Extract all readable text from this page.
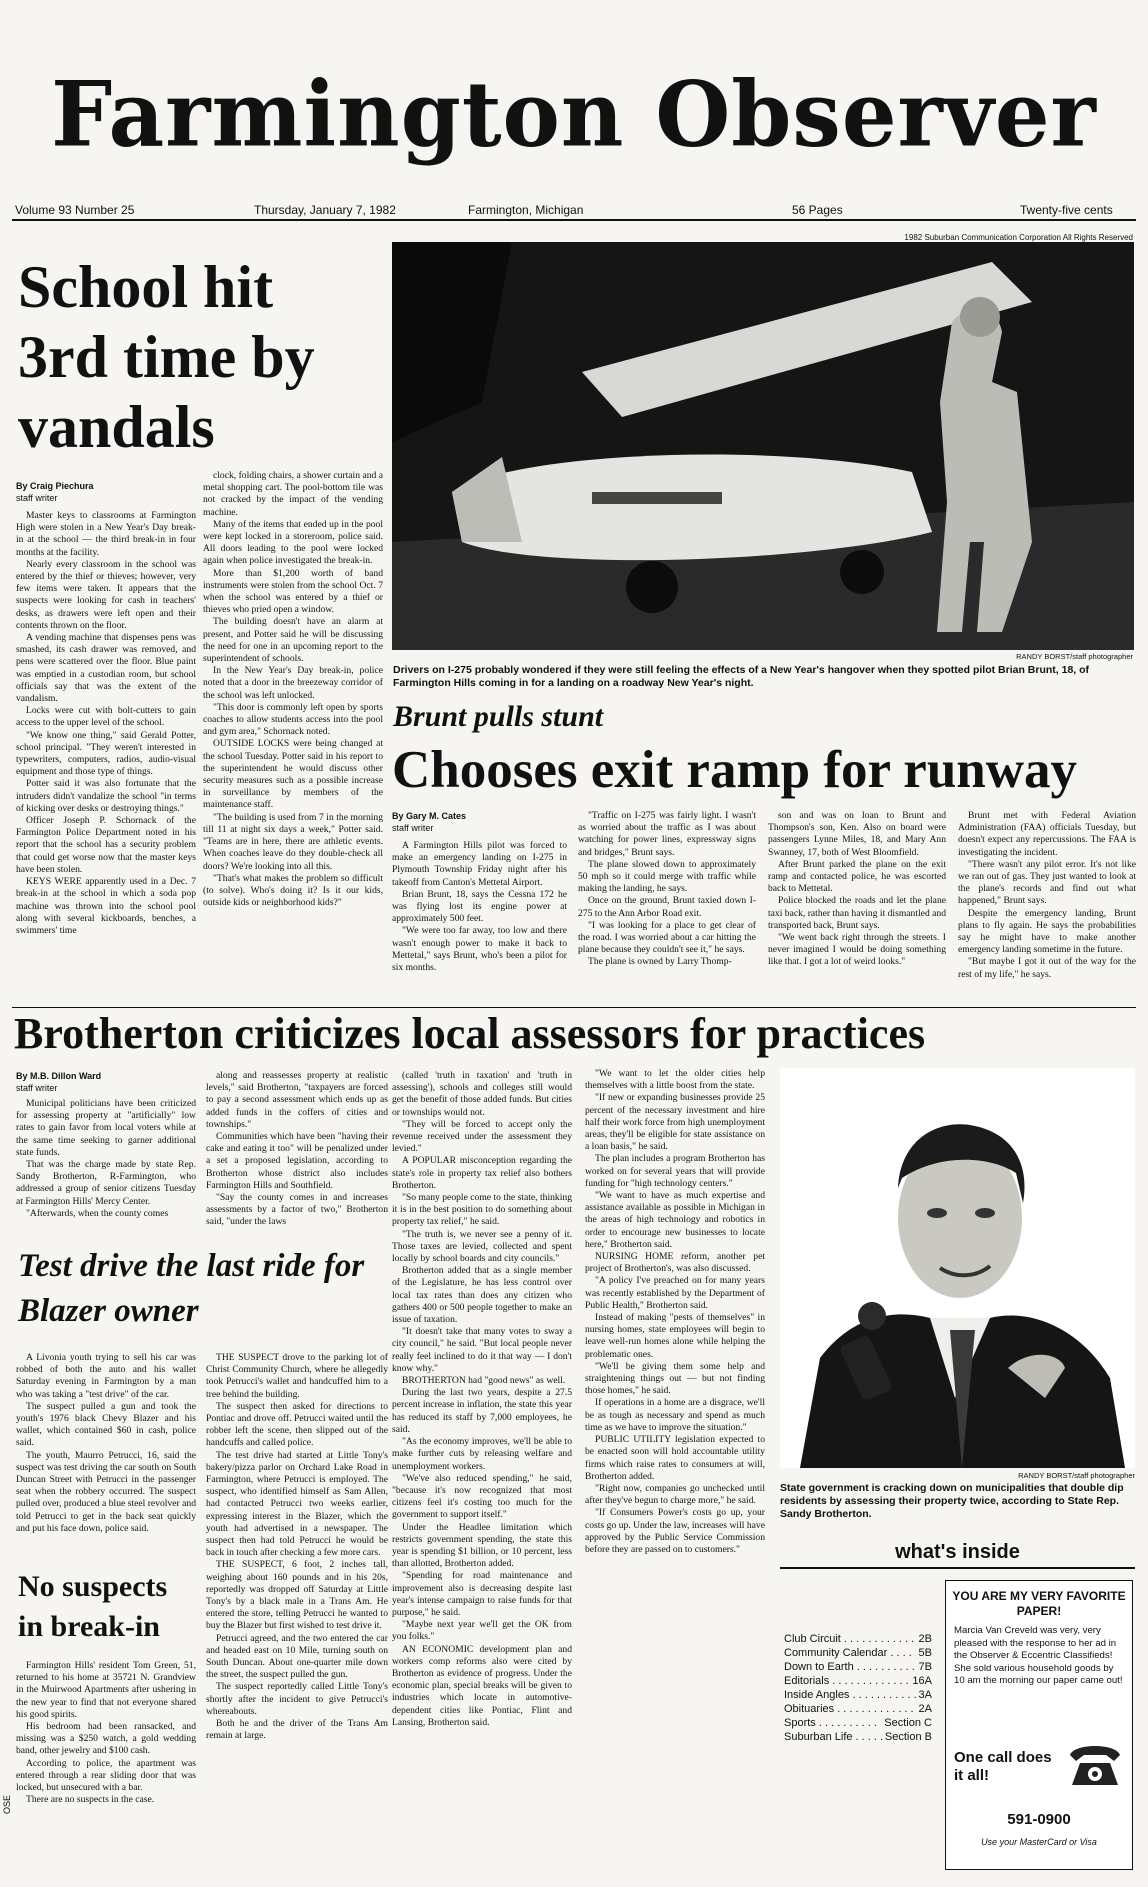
Farmington Observer
Volume 93 Number 25	Thursday, January 7, 1982	Farmington, Michigan	56 Pages	Twenty-five cents
1982 Suburban Communication Corporation All Rights Reserved
School hit 3rd time by vandals
By Craig Piechura
staff writer

Master keys to classrooms at Farmington High were stolen in a New Year's Day break-in at the school — the third break-in in four months at the facility.

Nearly every classroom in the school was entered by the thief or thieves; however, very few items were taken. It appears that the suspects were looking for cash in teachers' desks, as drawers were left open and their contents thrown on the floor.

A vending machine that dispenses pens was smashed, its cash drawer was removed, and pens were scattered over the floor. Blue paint was emptied in a custodian room, but school officials say that was the extent of the vandalism.

Locks were cut with bolt-cutters to gain access to the upper level of the school.

"We know one thing," said Gerald Potter, school principal. "They weren't interested in typewriters, computers, radios, audio-visual equipment and those type of things.

Potter said it was also fortunate that the intruders didn't vandalize the school "in terms of kicking over desks or destroying things."

Officer Joseph P. Schornack of the Farmington Police Department noted in his report that the school has a security problem that could get worse now that the master keys have been stolen.

KEYS WERE apparently used in a Dec. 7 break-in at the school in which a soda pop machine was thrown into the school pool along with several kickboards, benches, a swimmers' time

clock, folding chairs, a shower curtain and a metal shopping cart. The pool-bottom tile was not cracked by the impact of the vending machine.

Many of the items that ended up in the pool were kept locked in a storeroom, police said. All doors leading to the pool were locked again when police investigated the break-in.

More than $1,200 worth of band instruments were stolen from the school Oct. 7 when the school was entered by a thief or thieves who pried open a window.

The building doesn't have an alarm at present, and Potter said he will be discussing the need for one in an upcoming report to the superintendent of schools.

In the New Year's Day break-in, police noted that a door in the breezeway corridor of the school was left unlocked.

"This door is commonly left open by sports coaches to allow students access into the pool and gym area," Schornack noted.

OUTSIDE LOCKS were being changed at the school Tuesday. Potter said in his report to the superintendent he would discuss other security measures such as a possible increase in surveillance by members of the maintenance staff.

"The building is used from 7 in the morning till 11 at night six days a week," Potter said. "Teams are in here, there are athletic events. When coaches leave do they double-check all doors? We're looking into all this.

"That's what makes the problem so difficult (to solve). Who's doing it? Is it our kids, outside kids or neighborhood kids?"

RANDY BORST/staff photographer
Drivers on I-275 probably wondered if they were still feeling the effects of a New Year's hangover when they spotted pilot Brian Brunt, 18, of Farmington Hills coming in for a landing on a roadway New Year's night.
Brunt pulls stunt
Chooses exit ramp for runway
By Gary M. Cates
staff writer

A Farmington Hills pilot was forced to make an emergency landing on I-275 in Plymouth Township Friday night after his takeoff from Canton's Mettetal Airport.

Brian Brunt, 18, says the Cessna 172 he was flying lost its engine power at approximately 500 feet.

"We were too far away, too low and there wasn't enough power to make it back to Mettetal," says Brunt, who's been a pilot for six months.

"Traffic on I-275 was fairly light. I wasn't as worried about the traffic as I was about watching for power lines, expressway signs and bridges," Brunt says.

The plane slowed down to approximately 50 mph so it could merge with traffic while making the landing, he says.

Once on the ground, Brunt taxied down I-275 to the Ann Arbor Road exit.

"I was looking for a place to get clear of the road. I was worried about a car hitting the plane because they couldn't see it," he says.

The plane is owned by Larry Thomp-

son and was on loan to Brunt and Thompson's son, Ken. Also on board were passengers Lynne Miles, 18, and Mary Ann Swanney, 17, both of West Bloomfield.

After Brunt parked the plane on the exit ramp and contacted police, he was escorted back to Mettetal.

Police blocked the roads and let the plane taxi back, rather than having it dismantled and transported back, Brunt says.

"We went back right through the streets. I never imagined I would be doing something like that. I got a lot of weird looks."

Brunt met with Federal Aviation Administration (FAA) officials Tuesday, but doesn't expect any repercussions. The FAA is investigating the incident.

"There wasn't any pilot error. It's not like we ran out of gas. They just wanted to look at the plane's records and find out what happened," Brunt says.

Despite the emergency landing, Brunt plans to fly again. He says the probabilities say he might have to make another emergency landing sometime in the future.

"But maybe I got it out of the way for the rest of my life," he says.

Brotherton criticizes local assessors for practices
By M.B. Dillon Ward
staff writer

Municipal politicians have been criticized for assessing property at "artificially" low rates to gain favor from local voters while at the same time seeking to garner additional state funds.

That was the charge made by state Rep. Sandy Brotherton, R-Farmington, who addressed a group of senior citizens Tuesday at Farmington Hills' Mercy Center.

"Afterwards, when the county comes

along and reassesses property at realistic levels," said Brotherton, "taxpayers are forced to pay a second assessment which ends up as added funds in the coffers of cities and townships."

Communities which have been "having their cake and eating it too" will be penalized under a set a proposed legislation, according to Brotherton whose district also includes Farmington Hills and Southfield.

"Say the county comes in and increases assessments by a factor of two," Brotherton said, "under the laws

(called 'truth in taxation' and 'truth in assessing'), schools and colleges still would get the benefit of those added funds. But cities or townships would not.

"They will be forced to accept only the revenue received under the assessment they levied."

A POPULAR misconception regarding the state's role in property tax relief also bothers Brotherton.

"So many people come to the state, thinking it is in the best position to do something about property tax relief," he said.

"The truth is, we never see a penny of it. Those taxes are levied, collected and spent locally by school boards and city councils."

Brotherton added that as a single member of the Legislature, he has less control over local tax rates than does any citizen who gathers 400 or 500 people together to make an issue of taxation.

"It doesn't take that many votes to sway a city council," he said. "But local people never really feel inclined to do it that way — I don't know why."

BROTHERTON had "good news" as well.

During the last two years, despite a 27.5 percent increase in inflation, the state this year has reduced its staff by 7,000 employees, he said.

"As the economy improves, we'll be able to make further cuts by releasing welfare and unemployment workers.

"We've also reduced spending," he said, "because it's now recognized that most citizens feel it's costing too much for the government to support itself."

Under the Headlee limitation which restricts government spending, the state this year is spending $1 billion, or 10 percent, less than allotted, Brotherton added.

"Spending for road maintenance and improvement also is decreasing despite last year's intense campaign to raise funds for that purpose," he said.

"Maybe next year we'll get the OK from you folks."

AN ECONOMIC development plan and workers comp reforms also were cited by Brotherton as evidence of progress. Under the economic plan, special breaks will be given to industries which locate in automotive-dependent cities like Pontiac, Flint and Lansing, Brotherton said.

"We want to let the older cities help themselves with a little boost from the state.

"If new or expanding businesses provide 25 percent of the necessary investment and hire half their work force from high unemployment areas, they'll be eligible for state assistance on a loan basis," he said.

The plan includes a program Brotherton has worked on for several years that will provide funding for "high technology centers."

"We want to have as much expertise and assistance available as possible in Michigan in the areas of high technology and robotics in order to encourage new businesses to locate here," Brotherton said.

NURSING HOME reform, another pet project of Brotherton's, was also discussed.

"A policy I've preached on for many years was recently established by the Department of Public Health," Brotherton said.

Instead of making "pests of themselves" in nursing homes, state employees will begin to leave well-run homes alone while helping the problematic ones.

"We'll be giving them some help and straightening things out — but not finding those homes," he said.

If operations in a home are a disgrace, we'll be as tough as necessary and spend as much time as we have to improve the situation."

PUBLIC UTILITY legislation expected to be enacted soon will hold accountable utility firms which raise rates to consumers at will, Brotherton added.

"Right now, companies go unchecked until after they've begun to charge more," he said.

"If Consumers Power's costs go up, your costs go up. Under the law, increases will have approved by the Public Service Commission before they are passed on to customers."

RANDY BORST/staff photographer
State government is cracking down on municipalities that double dip residents by assessing their property twice, according to State Rep. Sandy Brotherton.
Test drive the last ride for Blazer owner

A Livonia youth trying to sell his car was robbed of both the auto and his wallet Saturday evening in Farmington by a man who was taking a "test drive" of the car.

The suspect pulled a gun and took the youth's 1976 black Chevy Blazer and his wallet, which contained $60 in cash, police said.

The youth, Maurro Petrucci, 16, said the suspect was test driving the car south on South Duncan Street with Petrucci in the passenger seat when the robbery occurred. The suspect pulled over, produced a blue steel revolver and told Petrucci to get in the back seat quickly and put his face down, police said.

THE SUSPECT drove to the parking lot of Christ Community Church, where he allegedly took Petrucci's wallet and handcuffed him to a tree behind the building.

The suspect then asked for directions to Pontiac and drove off. Petrucci waited until the robber left the scene, then slipped out of the handcuffs and called police.

The test drive had started at Little Tony's bakery/pizza parlor on Orchard Lake Road in Farmington, where Petrucci is employed. The suspect, who identified himself as Sam Allen, had contacted Petrucci two weeks earlier, expressing interest in the Blazer, which the youth had advertised in a newspaper. The suspect then had told Petrucci he would be back in touch after checking a few more cars.

THE SUSPECT, 6 foot, 2 inches tall, weighing about 160 pounds and in his 20s, reportedly was dropped off Saturday at Little Tony's by a black male in a Trans Am. He entered the store, telling Petrucci he wanted to buy the Blazer but first wished to test drive it.

Petrucci agreed, and the two entered the car and headed east on 10 Mile, turning south on South Duncan. About one-quarter mile down the street, the suspect pulled the gun.

The suspect reportedly called Little Tony's shortly after the incident to give Petrucci's whereabouts.

Both he and the driver of the Trans Am remain at large.

No suspects in break-in

Farmington Hills' resident Tom Green, 51, returned to his home at 35721 N. Grandview in the Muirwood Apartments after ushering in the new year to find that not everyone shared his good spirits.

His bedroom had been ransacked, and missing was a $250 watch, a gold wedding band, other jewelry and $100 cash.

According to police, the apartment was entered through a rear sliding door that was locked, but unsecured with a bar.

There are no suspects in the case.

what's inside
Club Circuit . . .	2B
Community Calendar . . .	5B
Down to Earth . . .	7B
Editorials . . .	16A
Inside Angles . . .	3A
Obituaries . . .	2A
Sports . . .	Section C
Suburban Life . . .	Section B
YOU ARE MY VERY FAVORITE PAPER!
Marcia Van Creveld was very, very pleased with the response to her ad in the Observer & Eccentric Classifieds! She sold various household goods by 10 am the morning our paper came out!
One call does it all!
591-0900
Use your MasterCard or Visa
OSE
